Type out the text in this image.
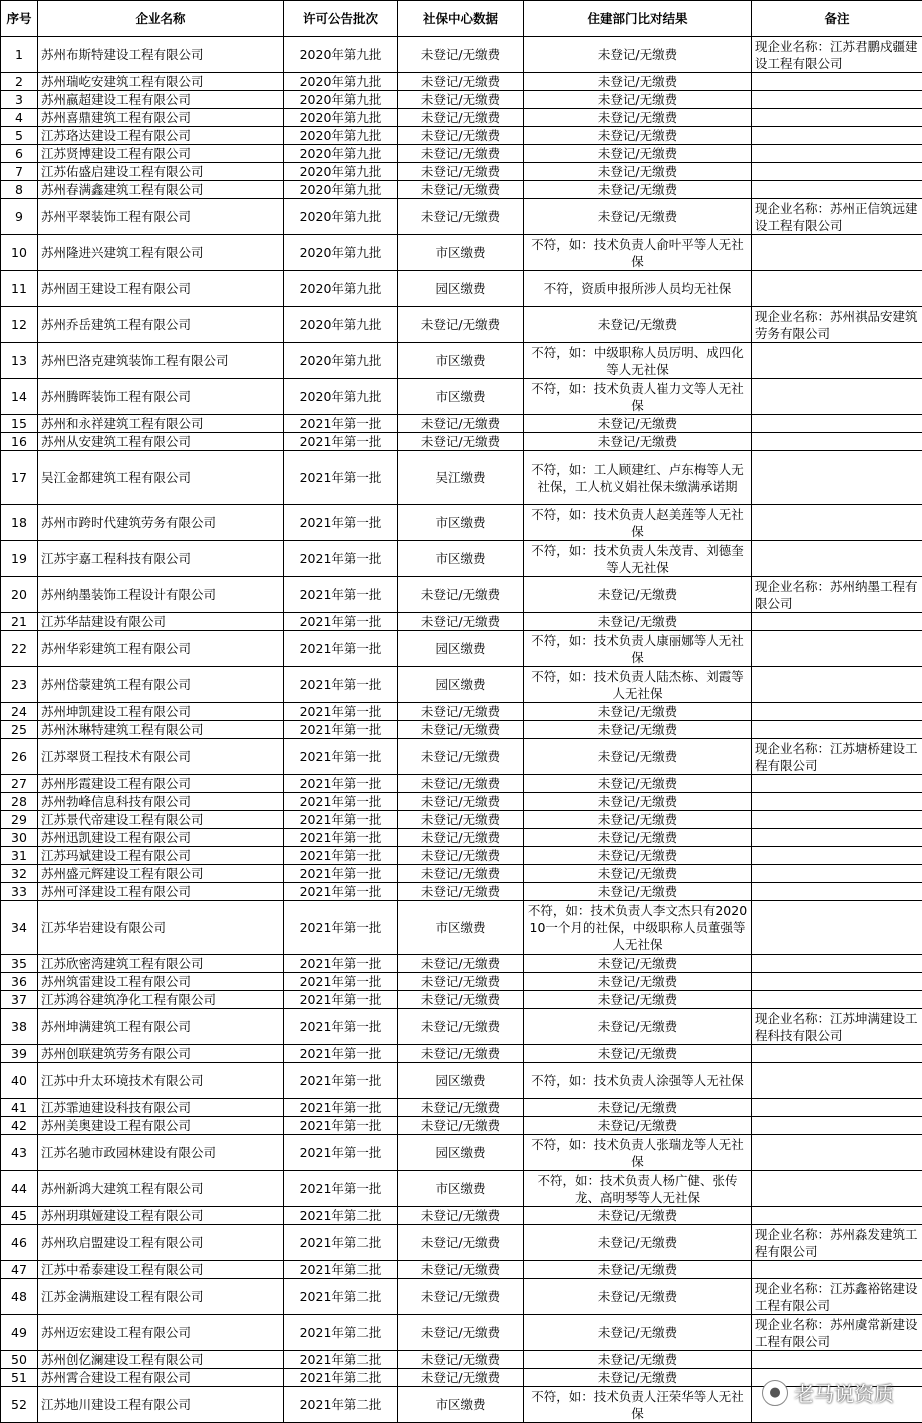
序号	企业名称	许可公告批次	社保中心数据	住建部门比对结果	备注
1	苏州布斯特建设工程有限公司	2020年第九批	未登记/无缴费	未登记/无缴费	现企业名称：江苏君鹏戍疆建设工程有限公司
2	苏州瑞屹安建筑工程有限公司	2020年第九批	未登记/无缴费	未登记/无缴费	
3	苏州嬴超建设工程有限公司	2020年第九批	未登记/无缴费	未登记/无缴费	
4	苏州喜鼎建筑工程有限公司	2020年第九批	未登记/无缴费	未登记/无缴费	
5	江苏珞达建设工程有限公司	2020年第九批	未登记/无缴费	未登记/无缴费	
6	江苏贤博建设工程有限公司	2020年第九批	未登记/无缴费	未登记/无缴费	
7	江苏佑盛启建设工程有限公司	2020年第九批	未登记/无缴费	未登记/无缴费	
8	苏州春满鑫建筑工程有限公司	2020年第九批	未登记/无缴费	未登记/无缴费	
9	苏州平翠装饰工程有限公司	2020年第九批	未登记/无缴费	未登记/无缴费	现企业名称：苏州正信筑远建设工程有限公司
10	苏州隆进兴建筑工程有限公司	2020年第九批	市区缴费	不符，如：技术负责人俞叶平等人无社保	
11	苏州固王建设工程有限公司	2020年第九批	园区缴费	不符，资质申报所涉人员均无社保	
12	苏州乔岳建筑工程有限公司	2020年第九批	未登记/无缴费	未登记/无缴费	现企业名称：苏州祺品安建筑劳务有限公司
13	苏州巴洛克建筑装饰工程有限公司	2020年第九批	市区缴费	不符，如：中级职称人员厉明、成四化等人无社保	
14	苏州腾晖装饰工程有限公司	2020年第九批	市区缴费	不符，如：技术负责人崔力文等人无社保	
15	苏州和永祥建筑工程有限公司	2021年第一批	未登记/无缴费	未登记/无缴费	
16	苏州从安建筑工程有限公司	2021年第一批	未登记/无缴费	未登记/无缴费	
17	吴江金都建筑工程有限公司	2021年第一批	吴江缴费	不符，如：工人顾建红、卢东梅等人无社保，工人杭义娟社保未缴满承诺期	
18	苏州市跨时代建筑劳务有限公司	2021年第一批	市区缴费	不符，如：技术负责人赵美莲等人无社保	
19	江苏宇嘉工程科技有限公司	2021年第一批	市区缴费	不符，如：技术负责人朱茂青、刘德奎等人无社保	
20	苏州纳墨装饰工程设计有限公司	2021年第一批	未登记/无缴费	未登记/无缴费	现企业名称：苏州纳墨工程有限公司
21	江苏华喆建设有限公司	2021年第一批	未登记/无缴费	未登记/无缴费	
22	苏州华彩建筑工程有限公司	2021年第一批	园区缴费	不符，如：技术负责人康丽娜等人无社保	
23	苏州岱蒙建筑工程有限公司	2021年第一批	园区缴费	不符，如：技术负责人陆杰栋、刘霞等人无社保	
24	苏州坤凯建设工程有限公司	2021年第一批	未登记/无缴费	未登记/无缴费	
25	苏州沐琳特建筑工程有限公司	2021年第一批	未登记/无缴费	未登记/无缴费	
26	江苏翠贤工程技术有限公司	2021年第一批	未登记/无缴费	未登记/无缴费	现企业名称：江苏塘桥建设工程有限公司
27	苏州彤霞建设工程有限公司	2021年第一批	未登记/无缴费	未登记/无缴费	
28	苏州勃峰信息科技有限公司	2021年第一批	未登记/无缴费	未登记/无缴费	
29	江苏景代帝建设工程有限公司	2021年第一批	未登记/无缴费	未登记/无缴费	
30	苏州迅凯建设工程有限公司	2021年第一批	未登记/无缴费	未登记/无缴费	
31	江苏玛斌建设工程有限公司	2021年第一批	未登记/无缴费	未登记/无缴费	
32	苏州盛元辉建设工程有限公司	2021年第一批	未登记/无缴费	未登记/无缴费	
33	苏州可泽建设工程有限公司	2021年第一批	未登记/无缴费	未登记/无缴费	
34	江苏华岩建设有限公司	2021年第一批	市区缴费	不符，如：技术负责人李文杰只有202010一个月的社保，中级职称人员董强等人无社保	
35	江苏欣密湾建筑工程有限公司	2021年第一批	未登记/无缴费	未登记/无缴费	
36	苏州筑雷建设工程有限公司	2021年第一批	未登记/无缴费	未登记/无缴费	
37	江苏鸿谷建筑净化工程有限公司	2021年第一批	未登记/无缴费	未登记/无缴费	
38	苏州坤满建筑工程有限公司	2021年第一批	未登记/无缴费	未登记/无缴费	现企业名称：江苏坤满建设工程科技有限公司
39	苏州创联建筑劳务有限公司	2021年第一批	未登记/无缴费	未登记/无缴费	
40	江苏中升太环境技术有限公司	2021年第一批	园区缴费	不符，如：技术负责人涂强等人无社保	
41	江苏霏迪建设科技有限公司	2021年第一批	未登记/无缴费	未登记/无缴费	
42	苏州美奥建设工程有限公司	2021年第一批	未登记/无缴费	未登记/无缴费	
43	江苏名驰市政园林建设有限公司	2021年第一批	园区缴费	不符，如：技术负责人张瑞龙等人无社保	
44	苏州新鸿大建筑工程有限公司	2021年第一批	市区缴费	不符，如：技术负责人杨广健、张传龙、高明琴等人无社保	
45	苏州玥琪娅建设工程有限公司	2021年第二批	未登记/无缴费	未登记/无缴费	
46	苏州玖启盟建设工程有限公司	2021年第二批	未登记/无缴费	未登记/无缴费	现企业名称：苏州淼发建筑工程有限公司
47	江苏中希泰建设工程有限公司	2021年第二批	未登记/无缴费	未登记/无缴费	
48	江苏金满瓶建设工程有限公司	2021年第二批	未登记/无缴费	未登记/无缴费	现企业名称：江苏鑫裕铭建设工程有限公司
49	苏州迈宏建设工程有限公司	2021年第二批	未登记/无缴费	未登记/无缴费	现企业名称：苏州虞常新建设工程有限公司
50	苏州创亿澜建设工程有限公司	2021年第二批	未登记/无缴费	未登记/无缴费	
51	苏州霄合建设工程有限公司	2021年第二批	未登记/无缴费	未登记/无缴费	
52	江苏地川建设工程有限公司	2021年第二批	市区缴费	不符，如：技术负责人汪荣华等人无社保	
● 老马说资质
